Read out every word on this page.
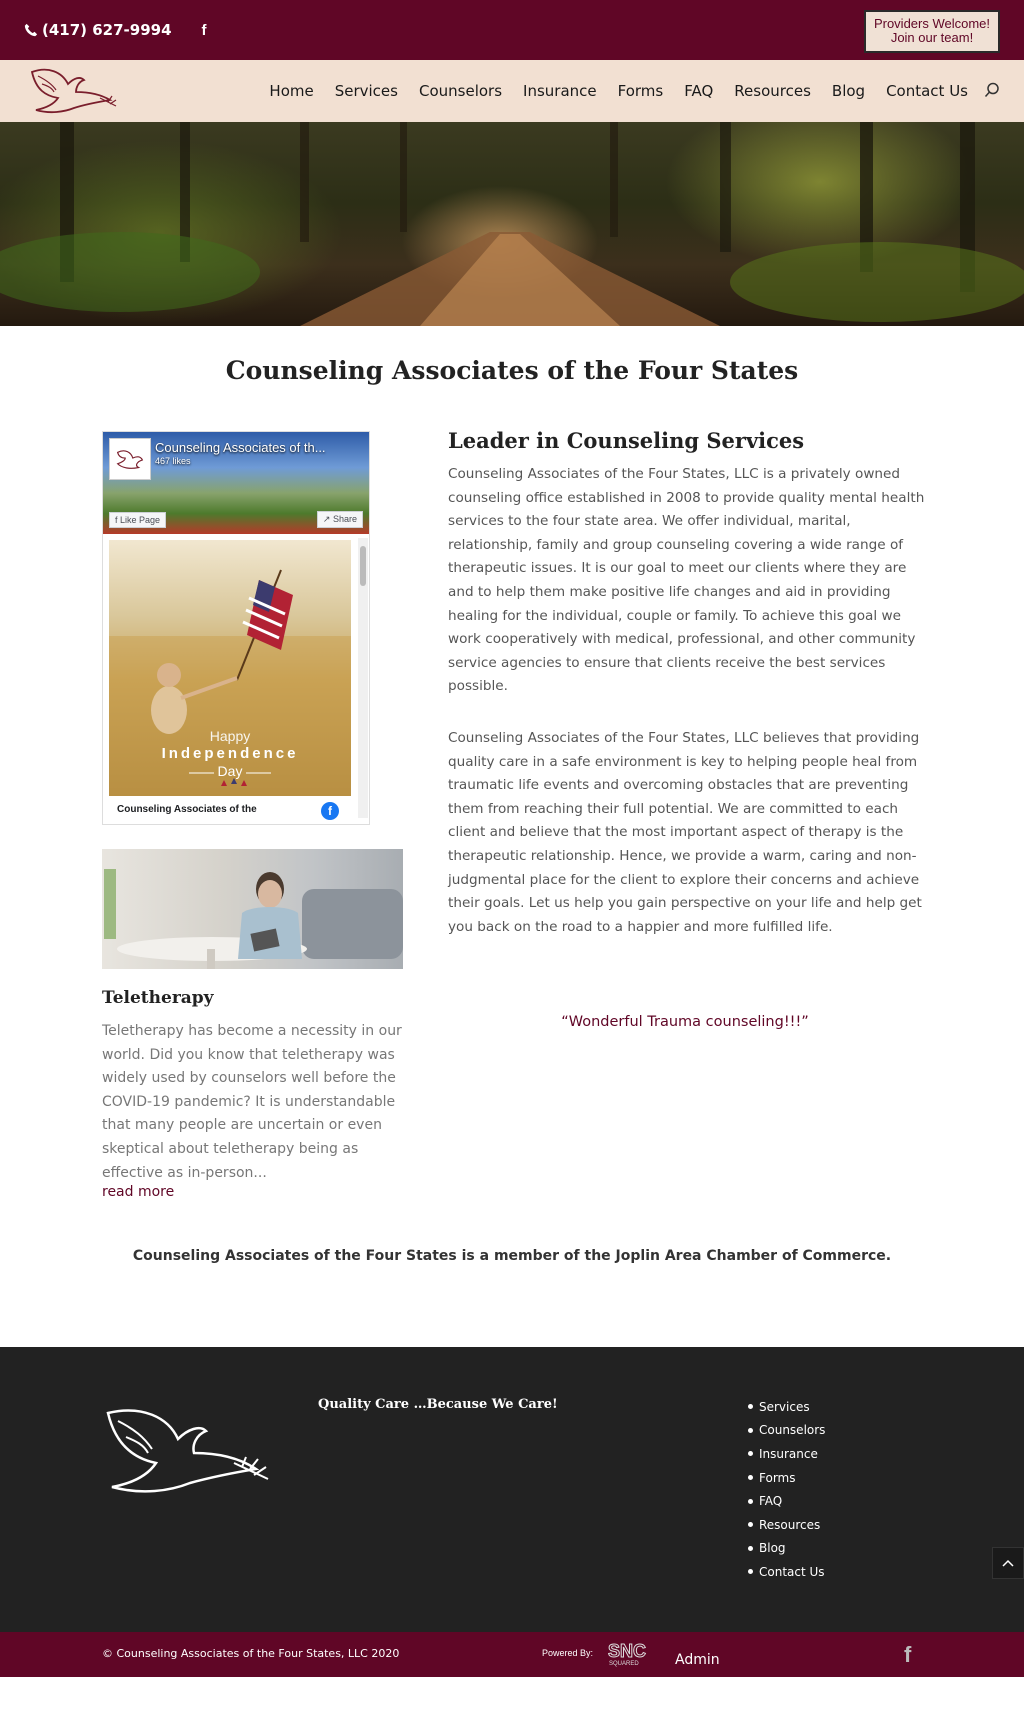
(417) 627-9994 f	Providers Welcome!
Join our team!
Home Services Counselors Insurance Forms FAQ Resources Blog Contact Us
Counseling Associates of the Four States
Counseling Associates of th...
467 likes
f Like Page	↗ Share
Happy
Independence
Day
Counseling Associates of the	f
Teletherapy

Teletherapy has become a necessity in our world. Did you know that teletherapy was widely used by counselors well before the COVID-19 pandemic? It is understandable that many people are uncertain or even skeptical about teletherapy being as effective as in-person...

read more
Leader in Counseling Services

Counseling Associates of the Four States, LLC is a privately owned counseling office established in 2008 to provide quality mental health services to the four state area. We offer individual, marital, relationship, family and group counseling covering a wide range of therapeutic issues. It is our goal to meet our clients where they are and to help them make positive life changes and aid in providing healing for the individual, couple or family. To achieve this goal we work cooperatively with medical, professional, and other community service agencies to ensure that clients receive the best services possible.

Counseling Associates of the Four States, LLC believes that providing quality care in a safe environment is key to helping people heal from traumatic life events and overcoming obstacles that are preventing them from reaching their full potential. We are committed to each client and believe that the most important aspect of therapy is the therapeutic relationship. Hence, we provide a warm, caring and non-judgmental place for the client to explore their concerns and achieve their goals. Let us help you gain perspective on your life and help get you back on the road to a happier and more fulfilled life.

“Wonderful Trauma counseling!!!”
Counseling Associates of the Four States is a member of the Joplin Area Chamber of Commerce.
Quality Care …Because We Care!	Services
Counselors
Insurance
Forms
FAQ
Resources
Blog
Contact Us
© Counseling Associates of the Four States, LLC 2020	Powered By: SNC
SQUARED	Admin	f
